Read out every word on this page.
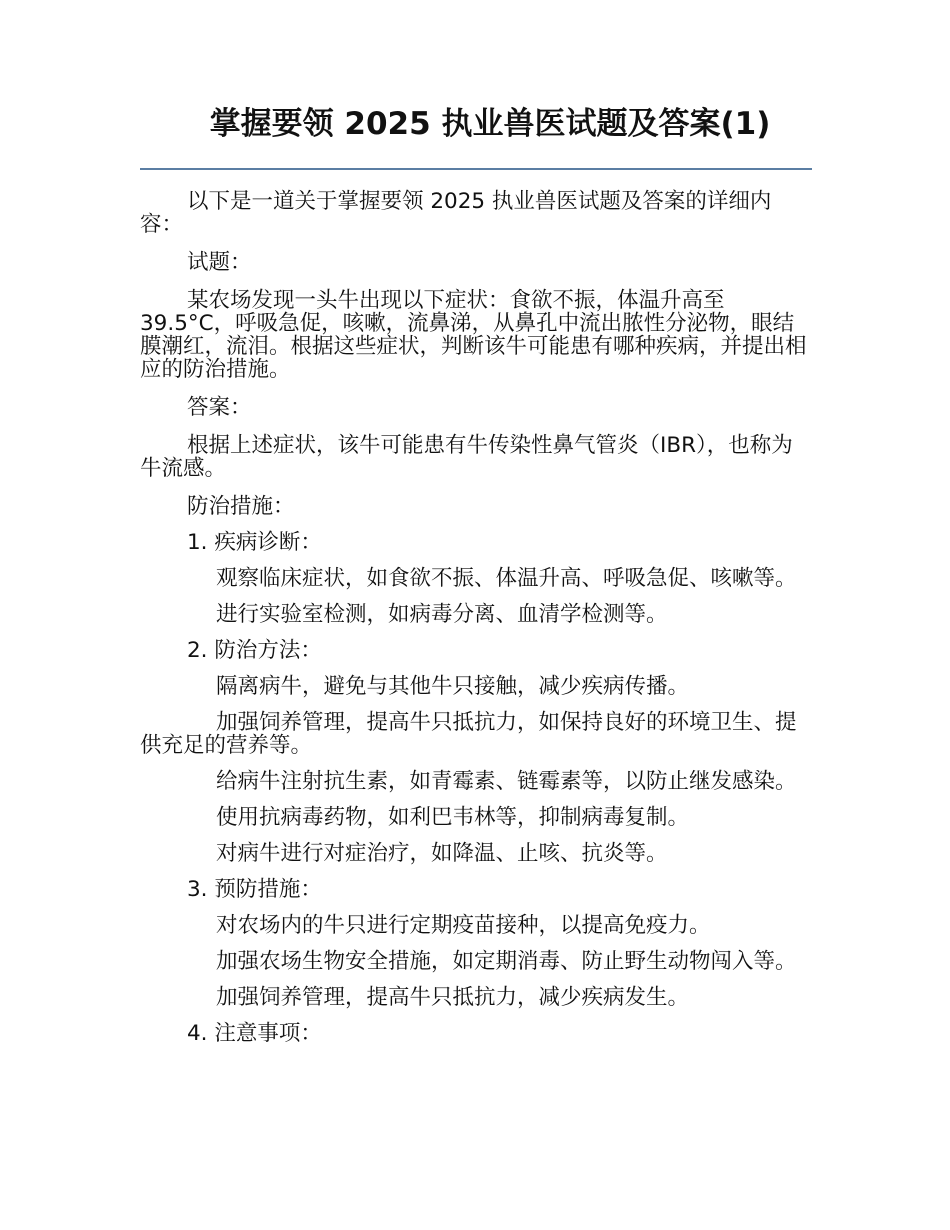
掌握要领 2025 执业兽医试题及答案(1)

以下是一道关于掌握要领 2025 执业兽医试题及答案的详细内容：

试题：

某农场发现一头牛出现以下症状：食欲不振，体温升高至 39.5°C，呼吸急促，咳嗽，流鼻涕，从鼻孔中流出脓性分泌物，眼结膜潮红，流泪。根据这些症状，判断该牛可能患有哪种疾病，并提出相应的防治措施。

答案：

根据上述症状，该牛可能患有牛传染性鼻气管炎（IBR），也称为牛流感。

防治措施：

1. 疾病诊断：

观察临床症状，如食欲不振、体温升高、呼吸急促、咳嗽等。

进行实验室检测，如病毒分离、血清学检测等。

2. 防治方法：

隔离病牛，避免与其他牛只接触，减少疾病传播。

加强饲养管理，提高牛只抵抗力，如保持良好的环境卫生、提供充足的营养等。

给病牛注射抗生素，如青霉素、链霉素等，以防止继发感染。

使用抗病毒药物，如利巴韦林等，抑制病毒复制。

对病牛进行对症治疗，如降温、止咳、抗炎等。

3. 预防措施：

对农场内的牛只进行定期疫苗接种，以提高免疫力。

加强农场生物安全措施，如定期消毒、防止野生动物闯入等。

加强饲养管理，提高牛只抵抗力，减少疾病发生。

4. 注意事项：
